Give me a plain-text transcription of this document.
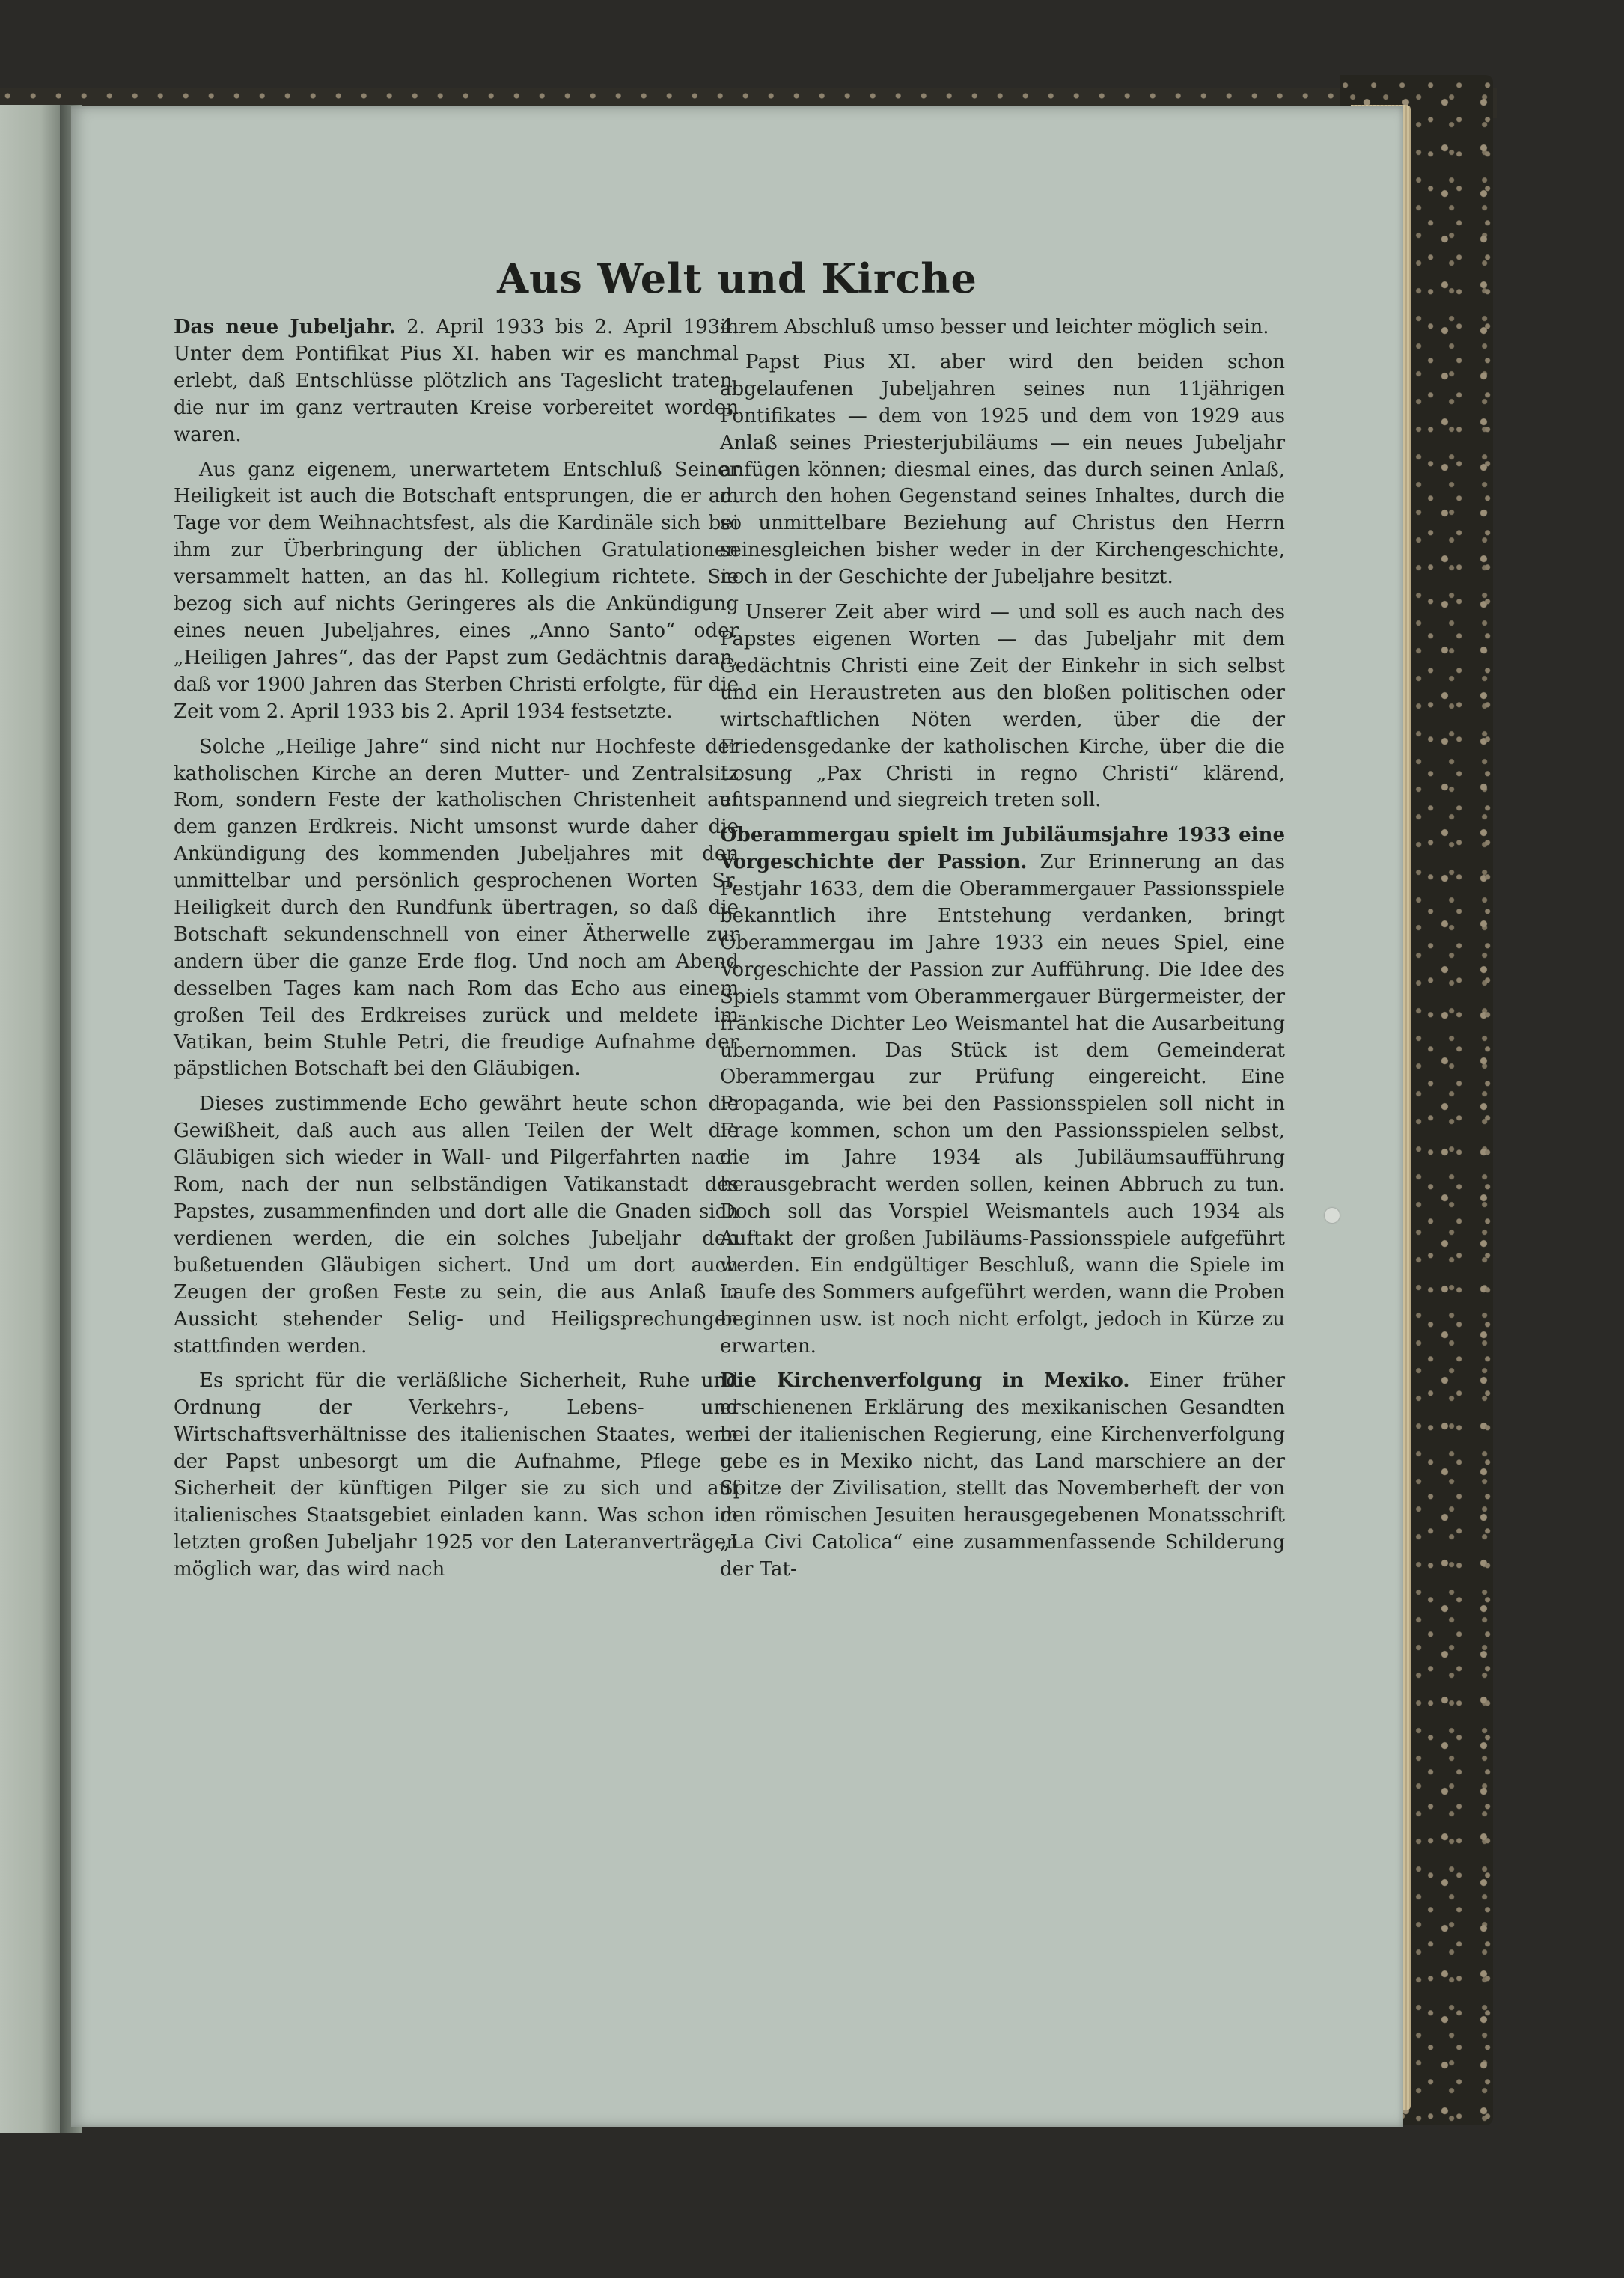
Aus Welt und Kirche

Das neue Jubeljahr. 2. April 1933 bis 2. April 1934. Unter dem Pontifikat Pius XI. haben wir es manchmal erlebt, daß Entschlüsse plötzlich ans Tageslicht traten, die nur im ganz vertrauten Kreise vorbereitet worden waren.

Aus ganz eigenem, unerwartetem Entschluß Seiner Heiligkeit ist auch die Botschaft entsprungen, die er am Tage vor dem Weihnachtsfest, als die Kardinäle sich bei ihm zur Überbringung der üblichen Gratulationen versammelt hatten, an das hl. Kollegium richtete. Sie bezog sich auf nichts Geringeres als die Ankündigung eines neuen Jubeljahres, eines „Anno Santo“ oder „Heiligen Jahres“, das der Papst zum Gedächtnis daran, daß vor 1900 Jahren das Sterben Christi erfolgte, für die Zeit vom 2. April 1933 bis 2. April 1934 festsetzte.

Solche „Heilige Jahre“ sind nicht nur Hochfeste der katholischen Kirche an deren Mutter- und Zentralsitz Rom, sondern Feste der katholischen Christenheit auf dem ganzen Erdkreis. Nicht umsonst wurde daher die Ankündigung des kommenden Jubeljahres mit den unmittelbar und persönlich gesprochenen Worten Sr. Heiligkeit durch den Rundfunk übertragen, so daß die Botschaft sekundenschnell von einer Ätherwelle zur andern über die ganze Erde flog. Und noch am Abend desselben Tages kam nach Rom das Echo aus einem großen Teil des Erdkreises zurück und meldete im Vatikan, beim Stuhle Petri, die freudige Aufnahme der päpstlichen Botschaft bei den Gläubigen.

Dieses zustimmende Echo gewährt heute schon die Gewißheit, daß auch aus allen Teilen der Welt die Gläubigen sich wieder in Wall- und Pilgerfahrten nach Rom, nach der nun selbständigen Vatikanstadt des Papstes, zusammenfinden und dort alle die Gnaden sich verdienen werden, die ein solches Jubeljahr den bußetuenden Gläubigen sichert. Und um dort auch Zeugen der großen Feste zu sein, die aus Anlaß in Aussicht stehender Selig- und Heiligsprechungen stattfinden werden.

Es spricht für die verläßliche Sicherheit, Ruhe und Ordnung der Verkehrs-, Lebens- und Wirtschaftsverhältnisse des italienischen Staates, wenn der Papst unbesorgt um die Aufnahme, Pflege u. Sicherheit der künftigen Pilger sie zu sich und auf italienisches Staatsgebiet einladen kann. Was schon im letzten großen Jubeljahr 1925 vor den Lateranverträgen möglich war, das wird nach

ihrem Abschluß umso besser und leichter möglich sein.

Papst Pius XI. aber wird den beiden schon abgelaufenen Jubeljahren seines nun 11jährigen Pontifikates — dem von 1925 und dem von 1929 aus Anlaß seines Priesterjubiläums — ein neues Jubeljahr anfügen können; diesmal eines, das durch seinen Anlaß, durch den hohen Gegenstand seines Inhaltes, durch die so unmittelbare Beziehung auf Christus den Herrn seinesgleichen bisher weder in der Kirchengeschichte, noch in der Geschichte der Jubeljahre besitzt.

Unserer Zeit aber wird — und soll es auch nach des Papstes eigenen Worten — das Jubeljahr mit dem Gedächtnis Christi eine Zeit der Einkehr in sich selbst und ein Heraustreten aus den bloßen politischen oder wirtschaftlichen Nöten werden, über die der Friedensgedanke der katholischen Kirche, über die die Losung „Pax Christi in regno Christi“ klärend, entspannend und siegreich treten soll.

Oberammergau spielt im Jubiläumsjahre 1933 eine Vorgeschichte der Passion. Zur Erinnerung an das Pestjahr 1633, dem die Oberammergauer Passionsspiele bekanntlich ihre Entstehung verdanken, bringt Oberammergau im Jahre 1933 ein neues Spiel, eine Vorgeschichte der Passion zur Aufführung. Die Idee des Spiels stammt vom Oberammergauer Bürgermeister, der fränkische Dichter Leo Weismantel hat die Ausarbeitung übernommen. Das Stück ist dem Gemeinderat Oberammergau zur Prüfung eingereicht. Eine Propaganda, wie bei den Passionsspielen soll nicht in Frage kommen, schon um den Passionsspielen selbst, die im Jahre 1934 als Jubiläumsaufführung herausgebracht werden sollen, keinen Abbruch zu tun. Doch soll das Vorspiel Weismantels auch 1934 als Auftakt der großen Jubiläums-Passionsspiele aufgeführt werden. Ein endgültiger Beschluß, wann die Spiele im Laufe des Sommers aufgeführt werden, wann die Proben beginnen usw. ist noch nicht erfolgt, jedoch in Kürze zu erwarten.

Die Kirchenverfolgung in Mexiko. Einer früher erschienenen Erklärung des mexikanischen Gesandten bei der italienischen Regierung, eine Kirchenverfolgung gebe es in Mexiko nicht, das Land marschiere an der Spitze der Zivilisation, stellt das Novemberheft der von den römischen Jesuiten herausgegebenen Monatsschrift „La Civi Catolica“ eine zusammenfassende Schilderung der Tat-
